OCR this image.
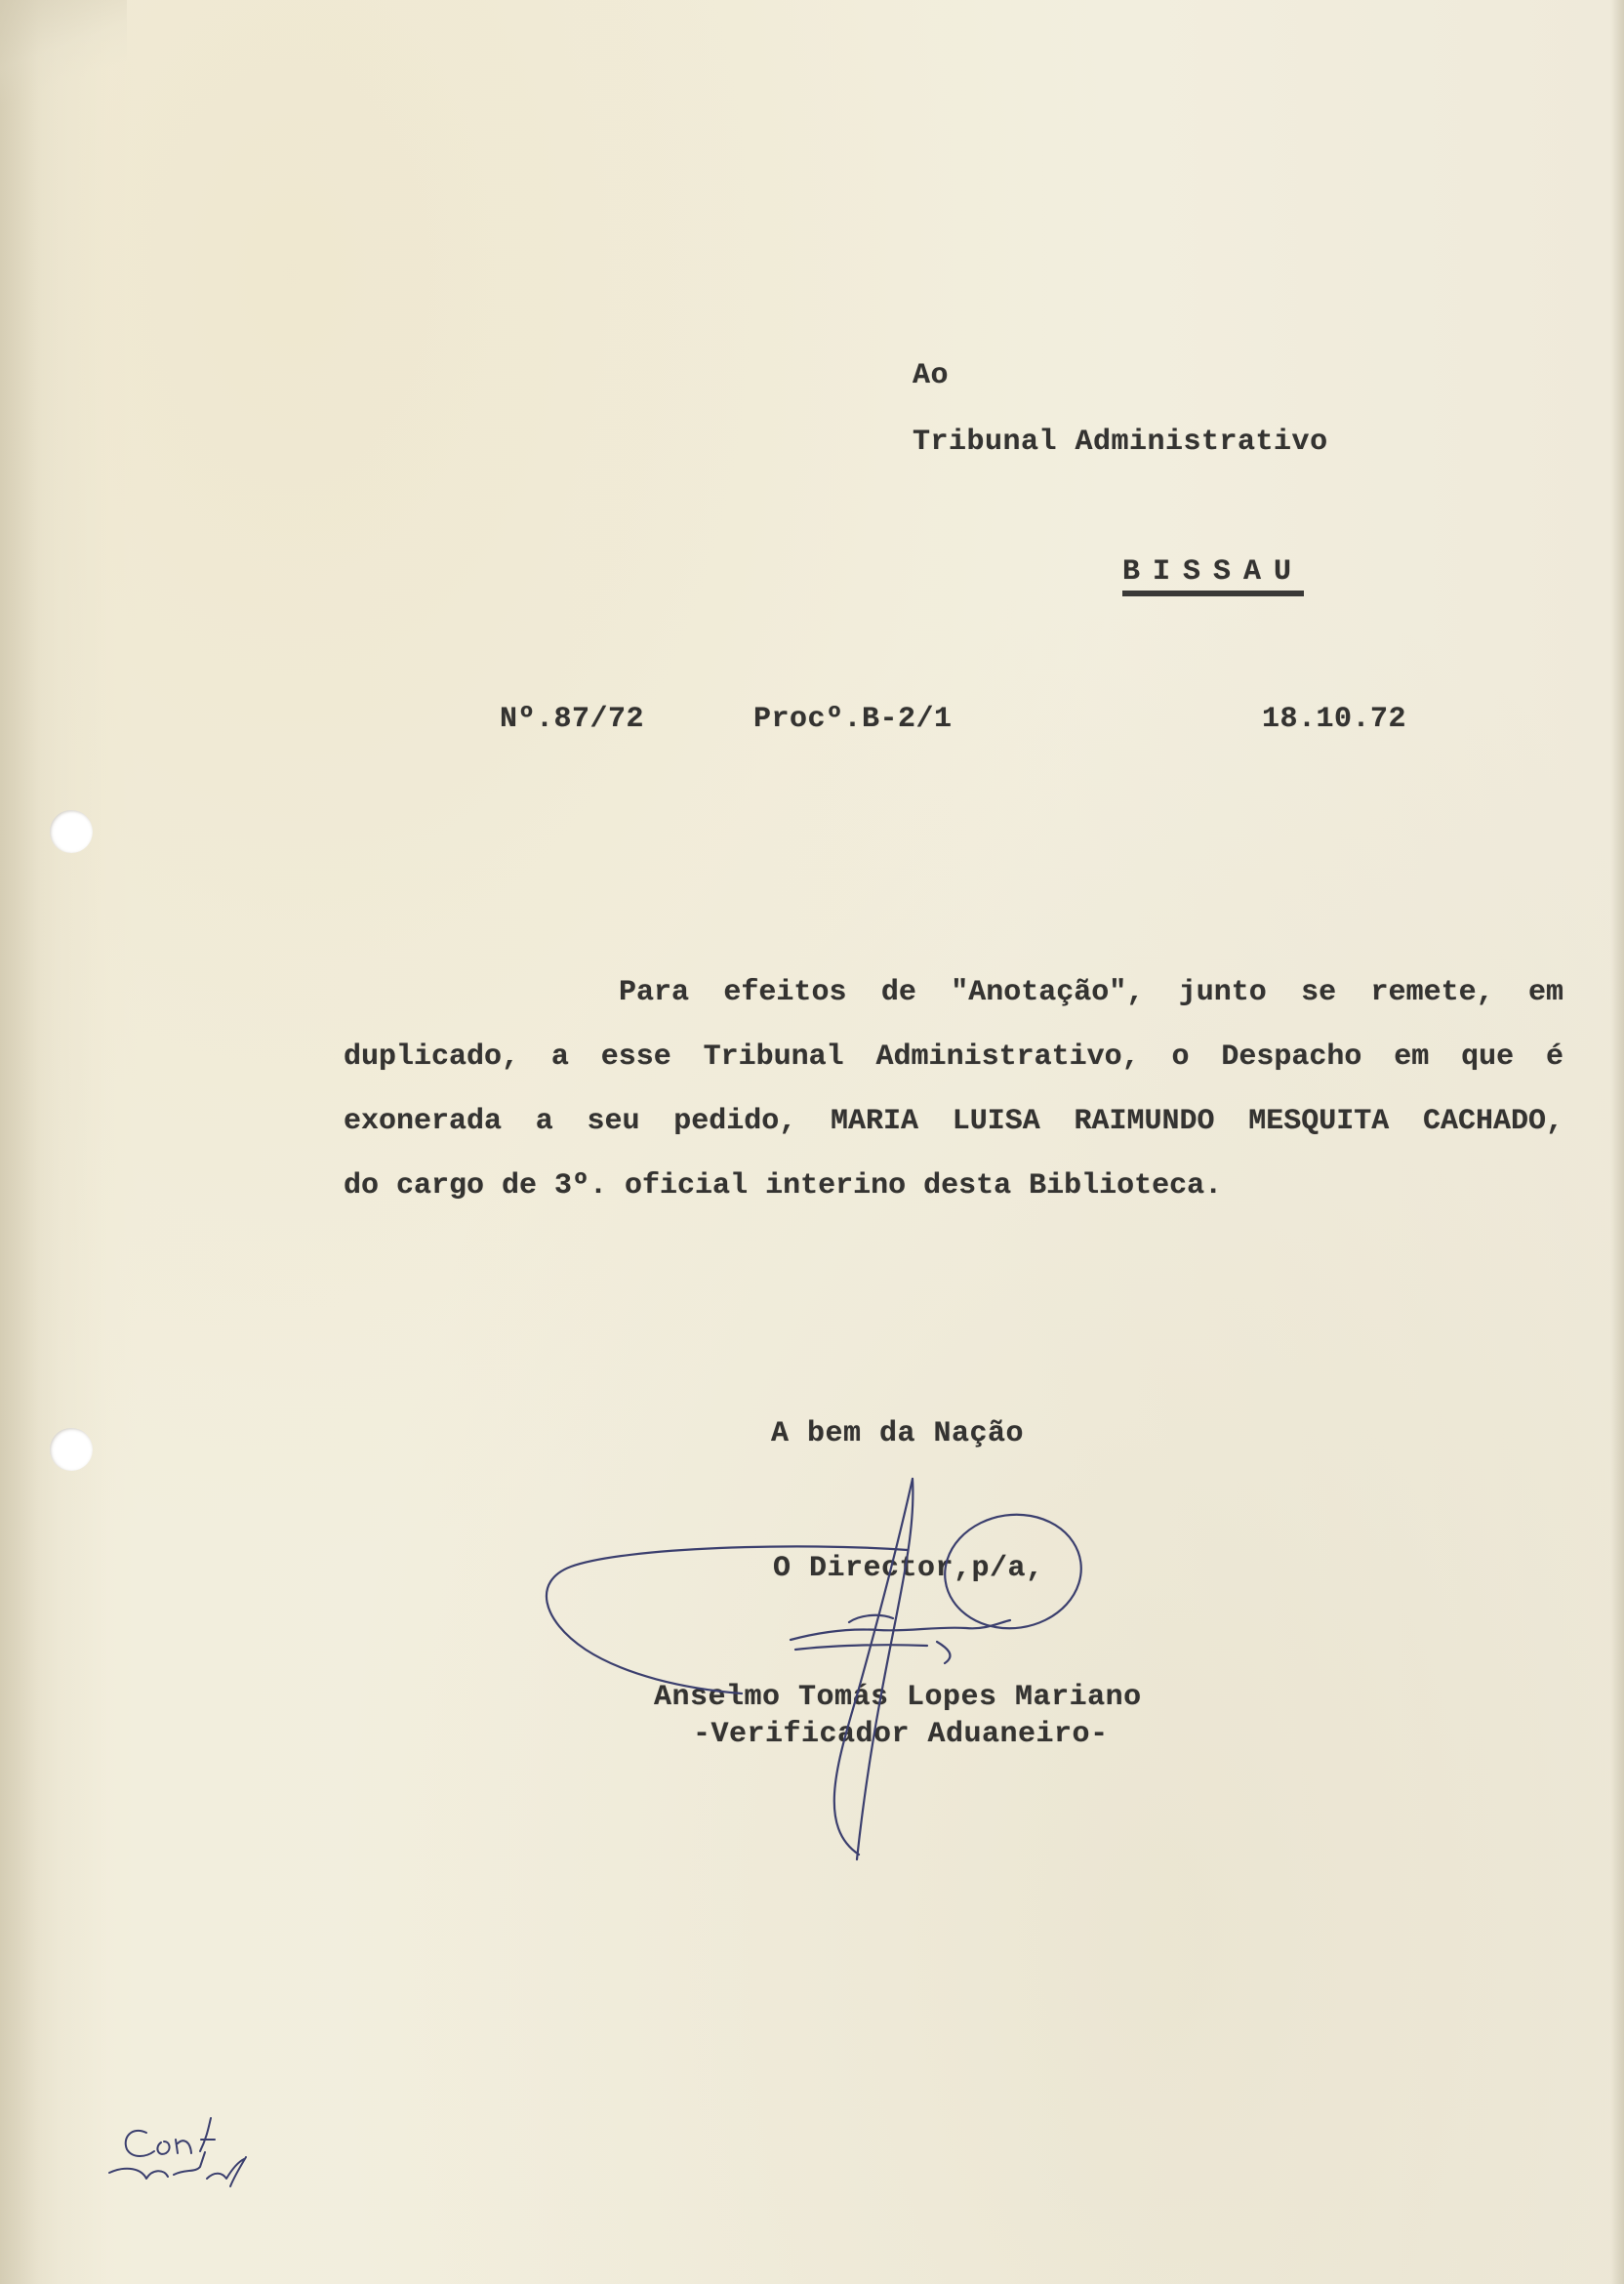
Ao
Tribunal Administrativo
BISSAU
Nº.87/72	Procº.B-2/1	18.10.72
Para efeitos de "Anotação", junto se remete, em
duplicado, a esse Tribunal Administrativo, o Despacho em que é
exonerada a seu pedido, MARIA LUISA RAIMUNDO MESQUITA CACHADO,
do cargo de 3º. oficial interino desta Biblioteca.
A bem da Nação
O Director,p/a,
Anselmo Tomás Lopes Mariano
-Verificador Aduaneiro-
